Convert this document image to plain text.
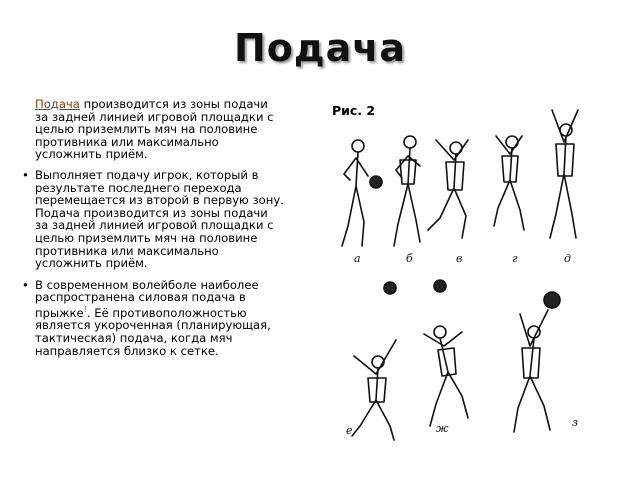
Подача

Подача производится из зоны подачи за задней линией игровой площадки с целью приземлить мяч на половине противника или максимально усложнить приём.

• Выполняет подачу игрок, который в результате последнего перехода перемещается из второй в первую зону. Подача производится из зоны подачи за задней линией игровой площадки с целью приземлить мяч на половине противника или максимально усложнить приём.
• В современном волейболе наиболее распространена силовая подача в прыжке!. Её противоположностью является укороченная (планирующая, тактическая) подача, когда мяч направляется близко к сетке.
Рис. 2
а	б	в	г	д
е	ж	з
